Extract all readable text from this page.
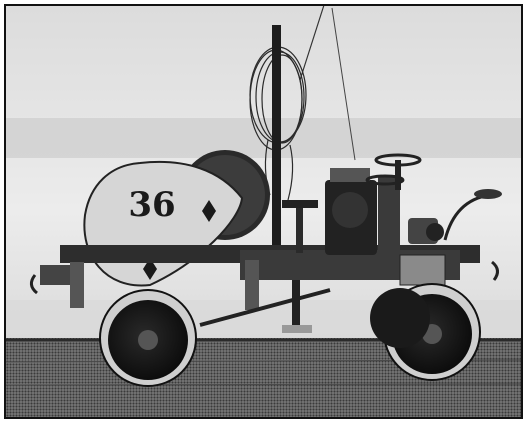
36
